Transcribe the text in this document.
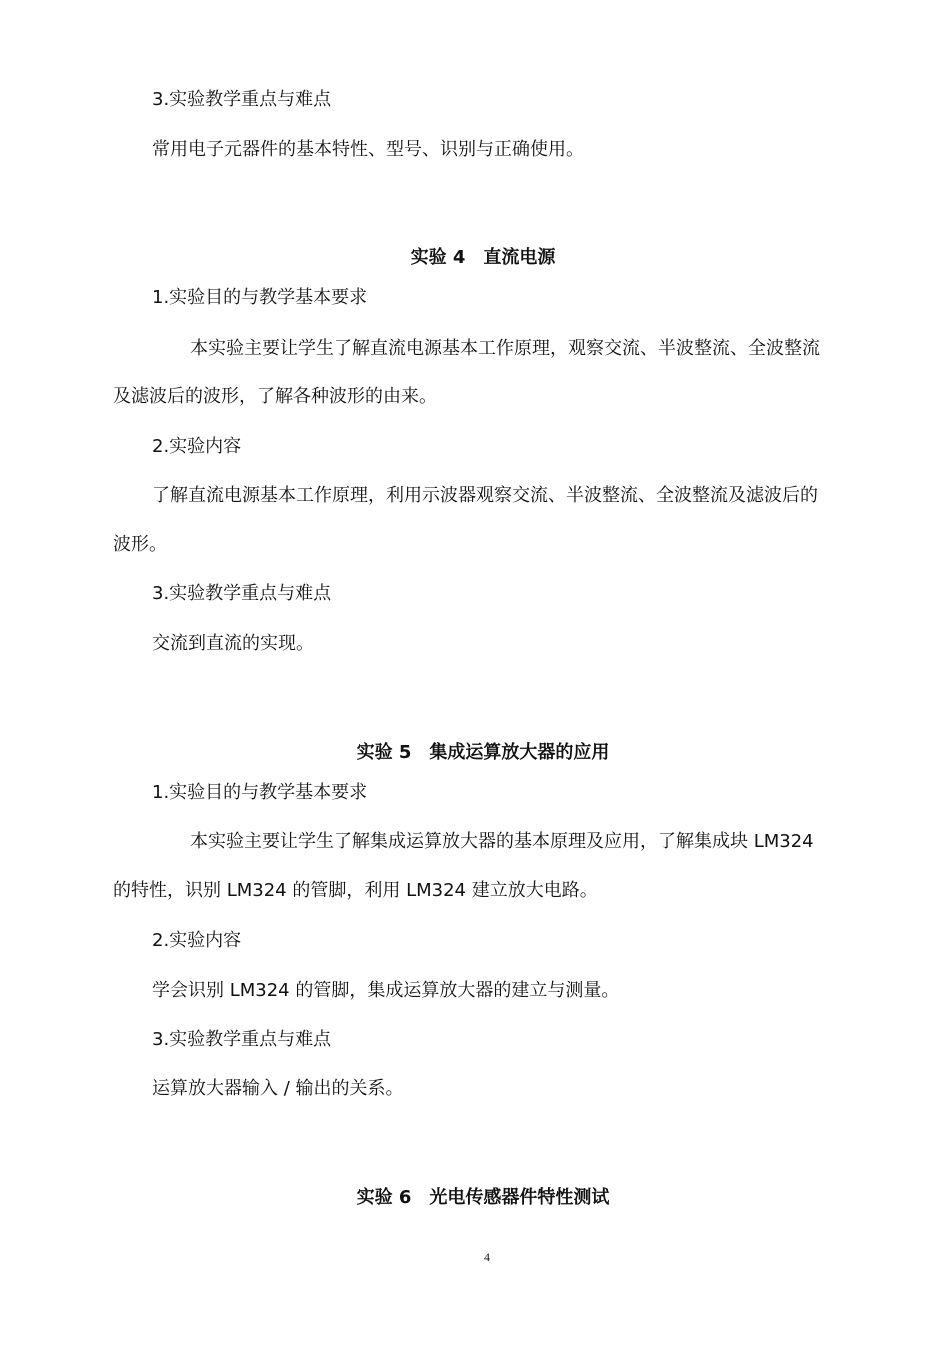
3.实验教学重点与难点
常用电子元器件的基本特性、型号、识别与正确使用。
实验 4　直流电源
1.实验目的与教学基本要求
本实验主要让学生了解直流电源基本工作原理，观察交流、半波整流、全波整流
及滤波后的波形，了解各种波形的由来。
2.实验内容
了解直流电源基本工作原理，利用示波器观察交流、半波整流、全波整流及滤波后的
波形。
3.实验教学重点与难点
交流到直流的实现。
实验 5　集成运算放大器的应用
1.实验目的与教学基本要求
本实验主要让学生了解集成运算放大器的基本原理及应用，了解集成块 LM324
的特性，识别 LM324 的管脚，利用 LM324 建立放大电路。
2.实验内容
学会识别 LM324 的管脚，集成运算放大器的建立与测量。
3.实验教学重点与难点
运算放大器输入 / 输出的关系。
实验 6　光电传感器件特性测试
4
